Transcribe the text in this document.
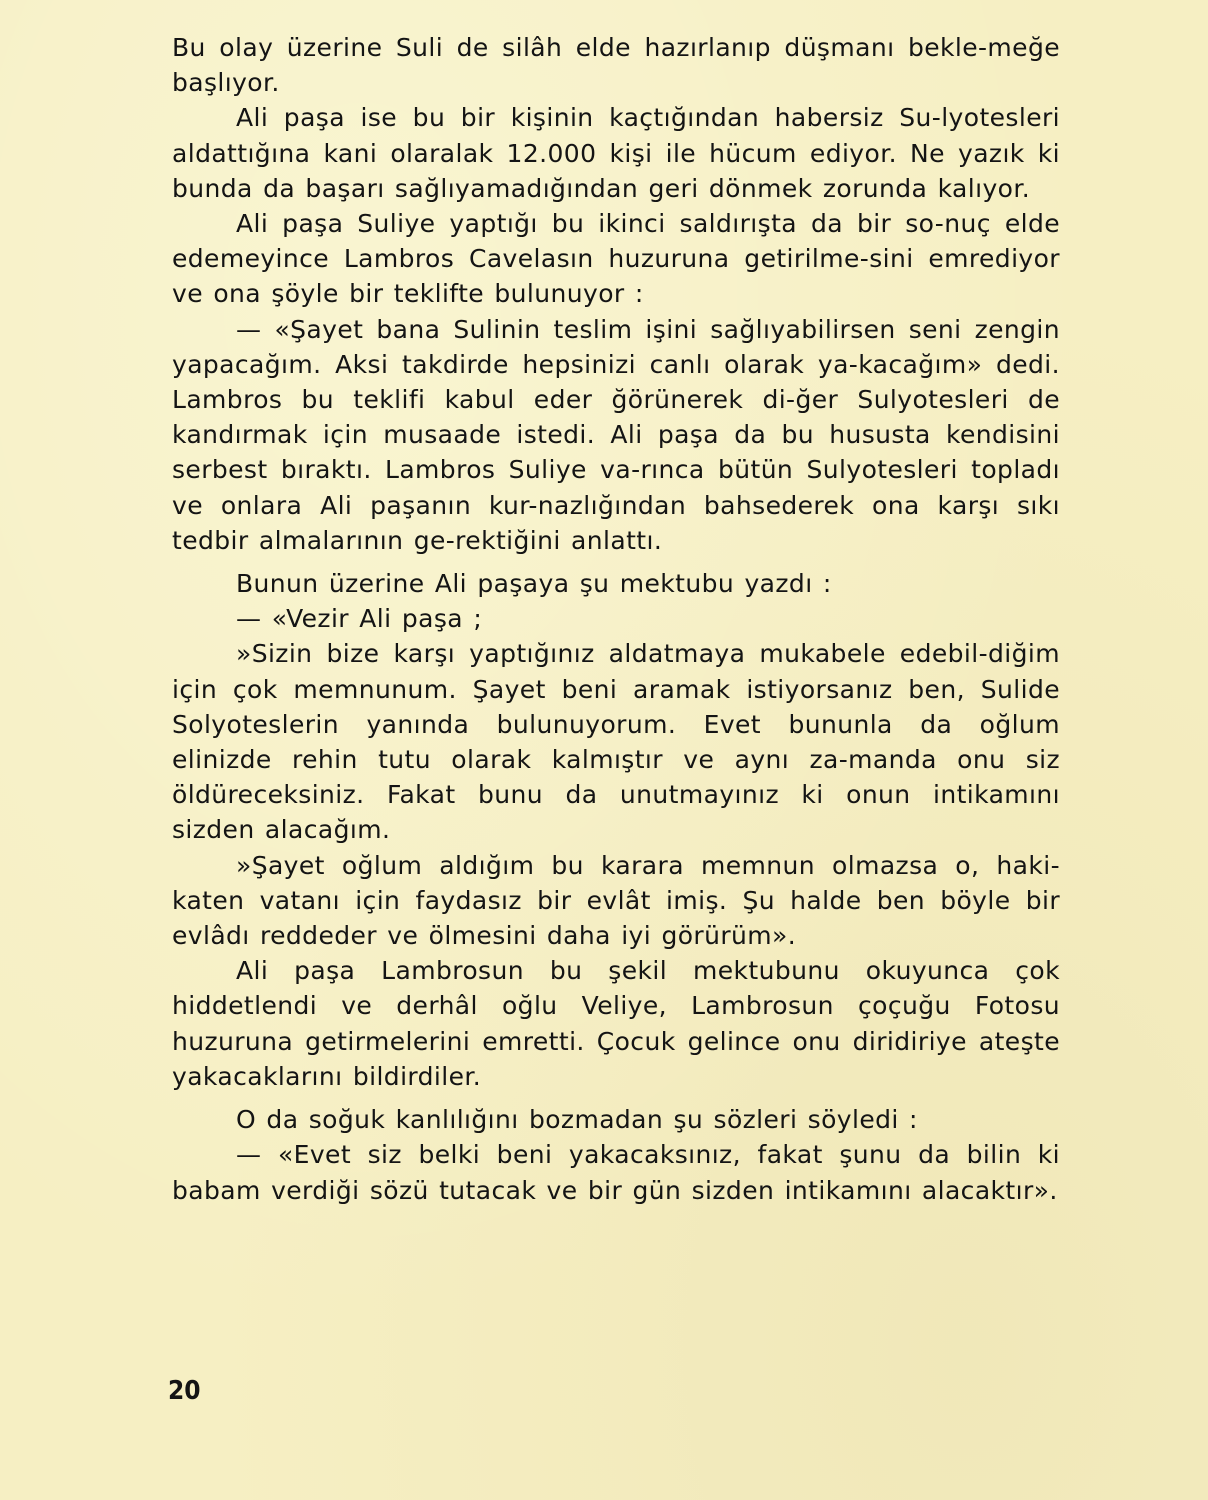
Bu olay üzerine Suli de silâh elde hazırlanıp düşmanı bekle-meğe başlıyor.

Ali paşa ise bu bir kişinin kaçtığından habersiz Su-lyotesleri aldattığına kani olaralak 12.000 kişi ile hücum ediyor. Ne yazık ki bunda da başarı sağlıyamadığından geri dönmek zorunda kalıyor.

Ali paşa Suliye yaptığı bu ikinci saldırışta da bir so-nuç elde edemeyince Lambros Cavelasın huzuruna getirilme-sini emrediyor ve ona şöyle bir teklifte bulunuyor :

— «Şayet bana Sulinin teslim işini sağlıyabilirsen seni zengin yapacağım. Aksi takdirde hepsinizi canlı olarak ya-kacağım» dedi. Lambros bu teklifi kabul eder ğörünerek di-ğer Sulyotesleri de kandırmak için musaade istedi. Ali paşa da bu hususta kendisini serbest bıraktı. Lambros Suliye va-rınca bütün Sulyotesleri topladı ve onlara Ali paşanın kur-nazlığından bahsederek ona karşı sıkı tedbir almalarının ge-rektiğini anlattı.

Bunun üzerine Ali paşaya şu mektubu yazdı :

— «Vezir Ali paşa ;

»Sizin bize karşı yaptığınız aldatmaya mukabele edebil-diğim için çok memnunum. Şayet beni aramak istiyorsanız ben, Sulide Solyoteslerin yanında bulunuyorum. Evet bununla da oğlum elinizde rehin tutu olarak kalmıştır ve aynı za-manda onu siz öldüreceksiniz. Fakat bunu da unutmayınız ki onun intikamını sizden alacağım.

»Şayet oğlum aldığım bu karara memnun olmazsa o, haki-katen vatanı için faydasız bir evlât imiş. Şu halde ben böyle bir evlâdı reddeder ve ölmesini daha iyi görürüm».

Ali paşa Lambrosun bu şekil mektubunu okuyunca çok hiddetlendi ve derhâl oğlu Veliye, Lambrosun çoçuğu Fotosu huzuruna getirmelerini emretti. Çocuk gelince onu diridiriye ateşte yakacaklarını bildirdiler.

O da soğuk kanlılığını bozmadan şu sözleri söyledi :

— «Evet siz belki beni yakacaksınız, fakat şunu da bilin ki babam verdiği sözü tutacak ve bir gün sizden intikamını alacaktır».

20
